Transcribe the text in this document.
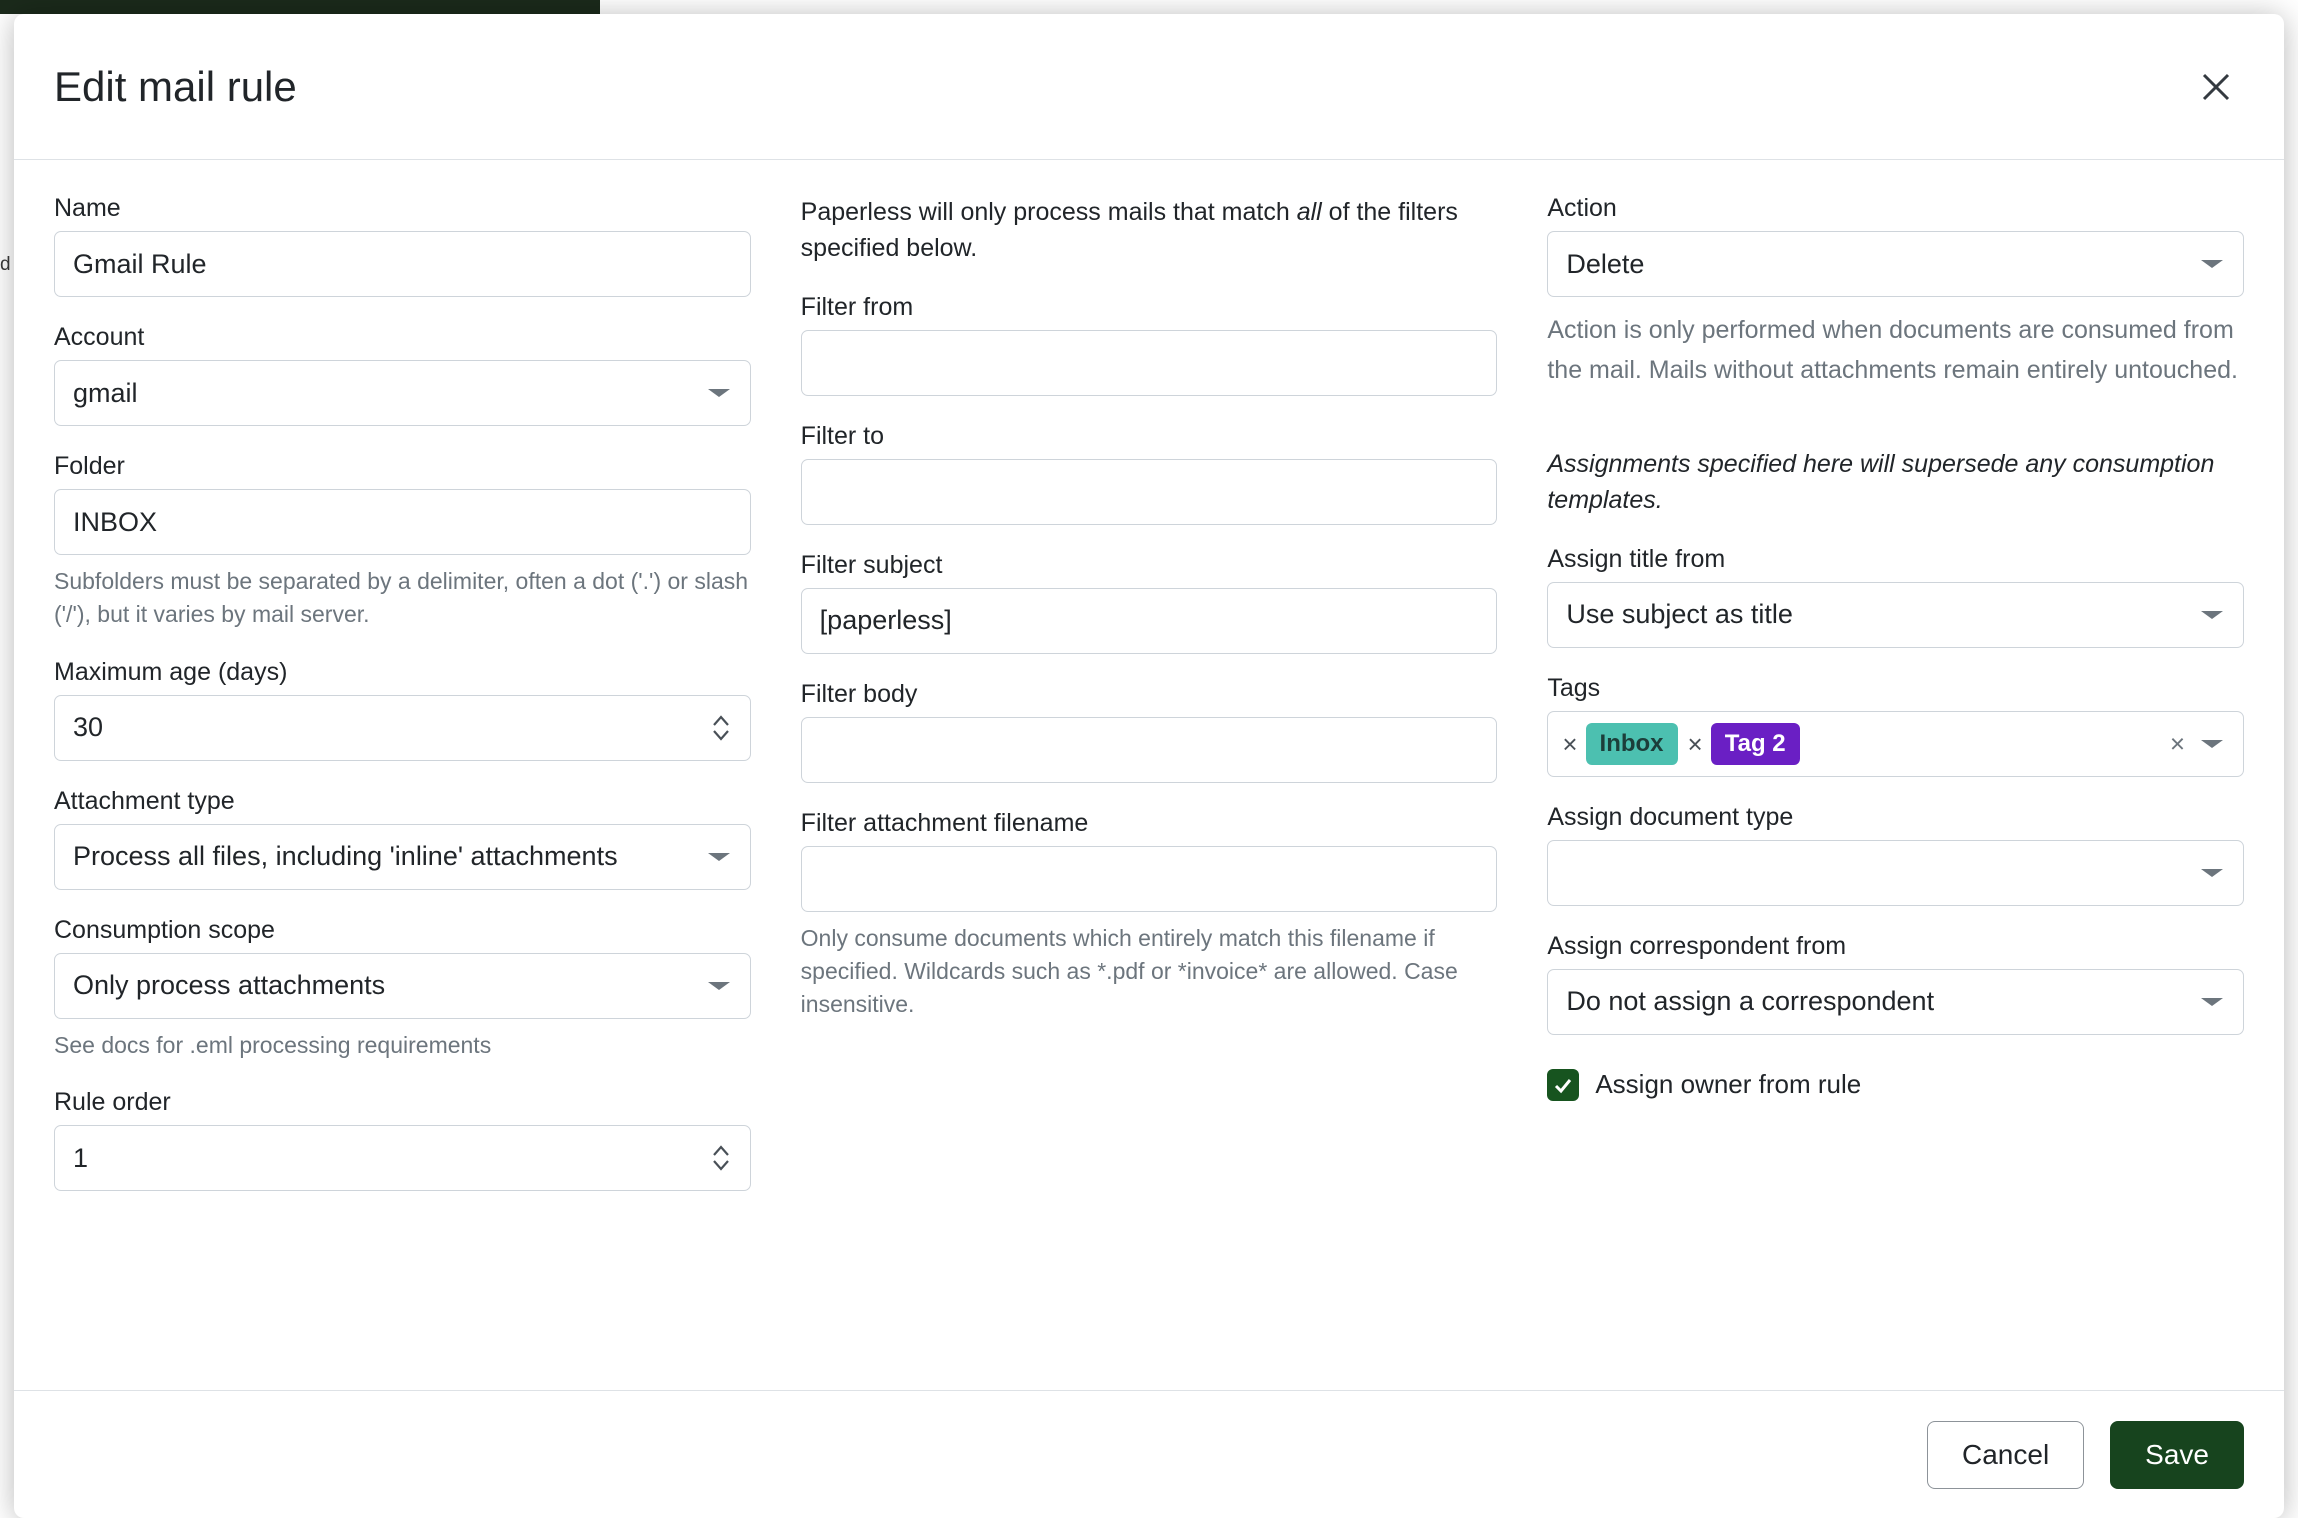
d
Edit mail rule
Name
Gmail Rule
Account
gmail
Folder
INBOX
Subfolders must be separated by a delimiter, often a dot ('.') or slash ('/'), but it varies by mail server.
Maximum age (days)
30
Attachment type
Process all files, including 'inline' attachments
Consumption scope
Only process attachments
See docs for .eml processing requirements
Rule order
1

Paperless will only process mails that match all of the filters specified below.

Filter from
Filter to
Filter subject
[paperless]
Filter body
Filter attachment filename
Only consume documents which entirely match this filename if specified. Wildcards such as *.pdf or *invoice* are allowed. Case insensitive.
Action
Delete
Action is only performed when documents are consumed from the mail. Mails without attachments remain entirely untouched.
Assignments specified here will supersede any consumption templates.
Assign title from
Use subject as title
Tags
× Inbox × Tag 2	×
Assign document type
Assign correspondent from
Do not assign a correspondent
Assign owner from rule
Cancel	Save
